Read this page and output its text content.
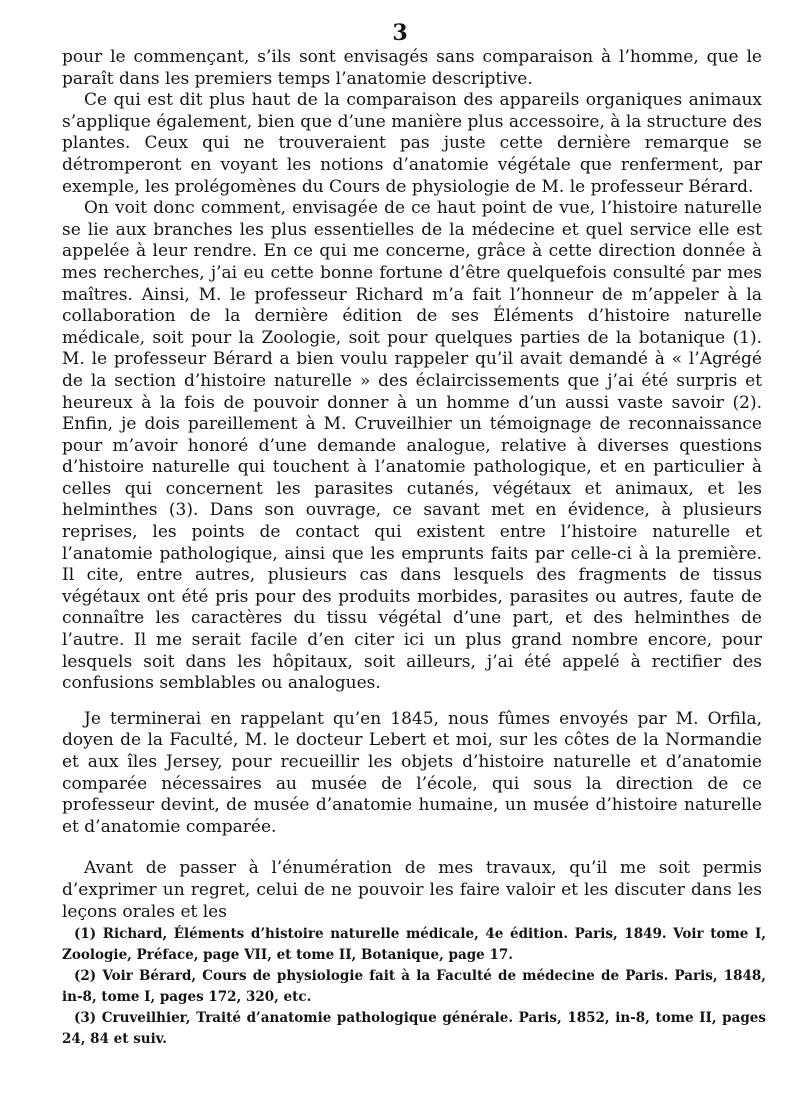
3

pour le commençant, s’ils sont envisagés sans comparaison à l’homme, que le paraît dans les premiers temps l’anatomie descriptive.

Ce qui est dit plus haut de la comparaison des appareils organiques animaux s’applique également, bien que d’une manière plus accessoire, à la structure des plantes. Ceux qui ne trouveraient pas juste cette dernière remarque se détromperont en voyant les notions d’anatomie végétale que renferment, par exemple, les prolégomènes du Cours de physiologie de M. le professeur Bérard.

On voit donc comment, envisagée de ce haut point de vue, l’histoire naturelle se lie aux branches les plus essentielles de la médecine et quel service elle est appelée à leur rendre. En ce qui me concerne, grâce à cette direction donnée à mes recherches, j’ai eu cette bonne fortune d’être quelquefois consulté par mes maîtres. Ainsi, M. le professeur Richard m’a fait l’honneur de m’appeler à la collaboration de la dernière édition de ses Éléments d’histoire naturelle médicale, soit pour la Zoologie, soit pour quelques parties de la botanique (1). M. le professeur Bérard a bien voulu rappeler qu’il avait demandé à « l’Agrégé de la section d’histoire naturelle » des éclaircissements que j’ai été surpris et heureux à la fois de pouvoir donner à un homme d’un aussi vaste savoir (2). Enfin, je dois pareillement à M. Cruveilhier un témoignage de reconnaissance pour m’avoir honoré d’une demande analogue, relative à diverses questions d’histoire naturelle qui touchent à l’anatomie pathologique, et en particulier à celles qui concernent les parasites cutanés, végétaux et animaux, et les helminthes (3). Dans son ouvrage, ce savant met en évidence, à plusieurs reprises, les points de contact qui existent entre l’histoire naturelle et l’anatomie pathologique, ainsi que les emprunts faits par celle-ci à la première. Il cite, entre autres, plusieurs cas dans lesquels des fragments de tissus végétaux ont été pris pour des produits morbides, parasites ou autres, faute de connaître les caractères du tissu végétal d’une part, et des helminthes de l’autre. Il me serait facile d’en citer ici un plus grand nombre encore, pour lesquels soit dans les hôpitaux, soit ailleurs, j’ai été appelé à rectifier des confusions semblables ou analogues.

Je terminerai en rappelant qu’en 1845, nous fûmes envoyés par M. Orfila, doyen de la Faculté, M. le docteur Lebert et moi, sur les côtes de la Normandie et aux îles Jersey, pour recueillir les objets d’histoire naturelle et d’anatomie comparée nécessaires au musée de l’école, qui sous la direction de ce professeur devint, de musée d’anatomie humaine, un musée d’histoire naturelle et d’anatomie comparée.

Avant de passer à l’énumération de mes travaux, qu’il me soit permis d’exprimer un regret, celui de ne pouvoir les faire valoir et les discuter dans les leçons orales et les

(1) Richard, Éléments d’histoire naturelle médicale, 4e édition. Paris, 1849. Voir tome I, Zoologie, Préface, page VII, et tome II, Botanique, page 17.

(2) Voir Bérard, Cours de physiologie fait à la Faculté de médecine de Paris. Paris, 1848, in-8, tome I, pages 172, 320, etc.

(3) Cruveilhier, Traité d’anatomie pathologique générale. Paris, 1852, in-8, tome II, pages 24, 84 et suiv.
